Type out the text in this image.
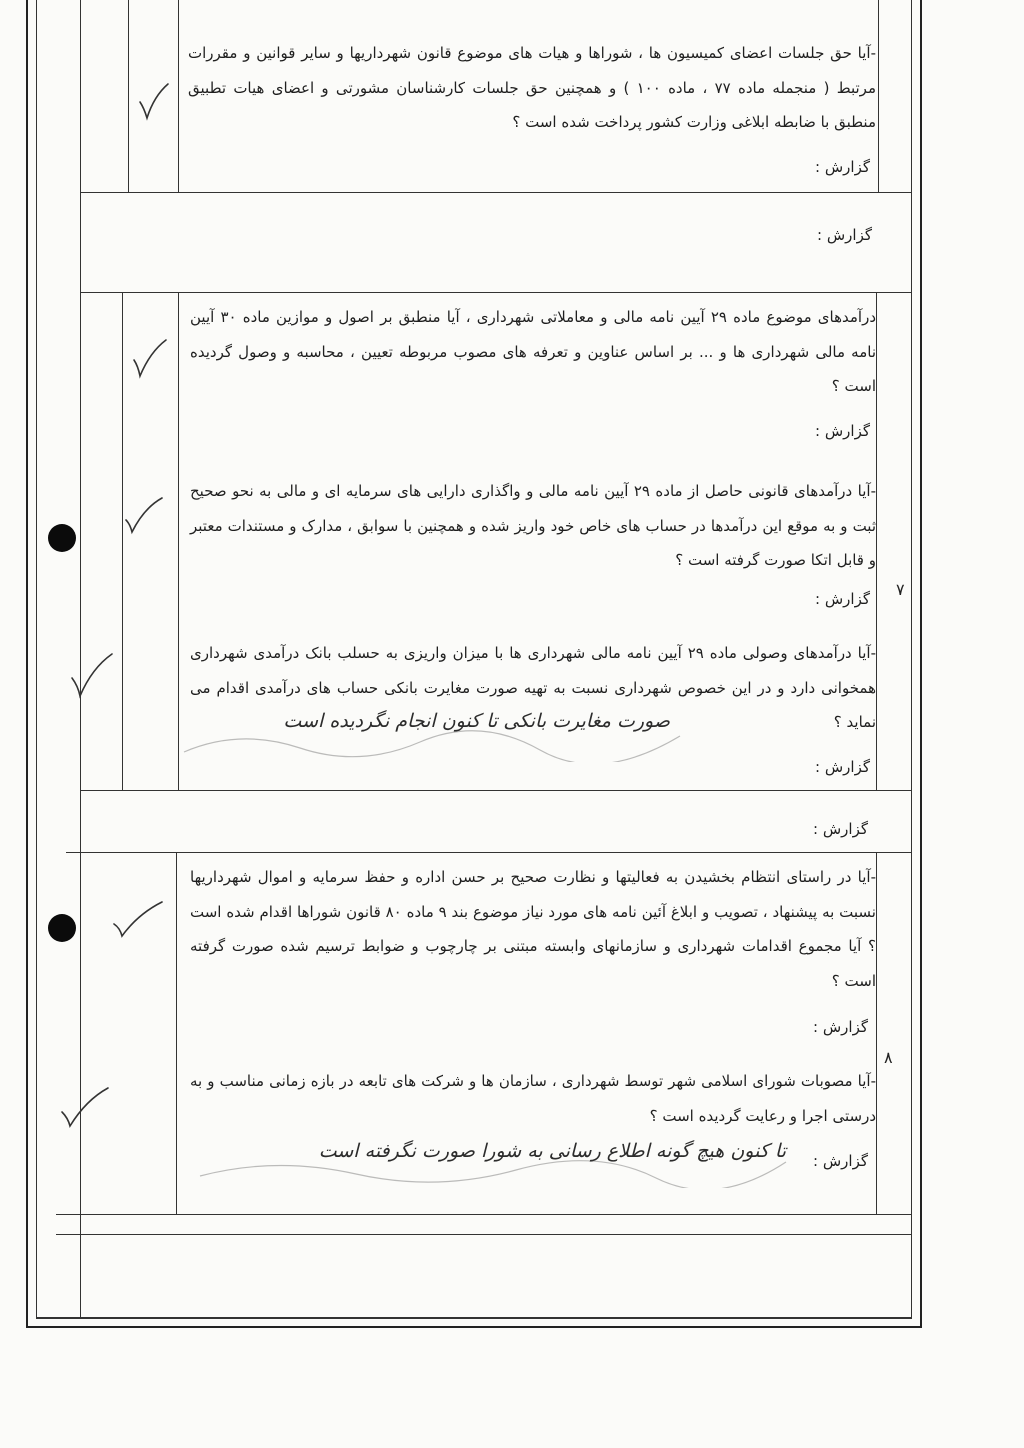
۷
۸
-آیا حق جلسات اعضای کمیسیون ها ، شوراها و هیات های موضوع قانون شهرداریها و سایر قوانین و مقررات مرتبط ( منجمله ماده ۷۷ ، ماده ۱۰۰ ) و همچنین حق جلسات کارشناسان مشورتی و اعضای هیات تطبیق منطبق با ضابطه ابلاغی وزارت کشور پرداخت شده است ؟
گزارش :
گزارش :
درآمدهای موضوع ماده ۲۹ آیین نامه مالی و معاملاتی شهرداری ، آیا منطبق بر اصول و موازین ماده ۳۰ آیین نامه مالی شهرداری ها و ... بر اساس عناوین و تعرفه های مصوب مربوطه تعیین ، محاسبه و وصول گردیده است ؟
گزارش :
-آیا درآمدهای قانونی حاصل از ماده ۲۹ آیین نامه مالی و واگذاری دارایی های سرمایه ای و مالی به نحو صحیح ثبت و به موقع این درآمدها در حساب های خاص خود واریز شده و همچنین با سوابق ، مدارک و مستندات معتبر و قابل اتکا صورت گرفته است ؟
گزارش :
-آیا درآمدهای وصولی ماده ۲۹ آیین نامه مالی شهرداری ها با میزان واریزی به حسلب بانک درآمدی شهرداری همخوانی دارد و در این خصوص شهرداری نسبت به تهیه صورت مغایرت بانکی حساب های درآمدی اقدام می نماید ؟
گزارش :
صورت مغایرت بانکی تا کنون انجام نگردیده است
گزارش :
-آیا در راستای انتظام بخشیدن به فعالیتها و نظارت صحیح بر حسن اداره و حفظ سرمایه و اموال شهرداریها نسبت به پیشنهاد ، تصویب و ابلاغ آئین نامه های مورد نیاز موضوع بند ۹ ماده ۸۰ قانون شوراها اقدام شده است ؟ آیا مجموع اقدامات شهرداری و سازمانهای وابسته مبتنی بر چارچوب و ضوابط ترسیم شده صورت گرفته است ؟
گزارش :
-آیا مصوبات شورای اسلامی شهر توسط شهرداری ، سازمان ها و شرکت های تابعه در بازه زمانی مناسب و به درستی اجرا و رعایت گردیده است ؟
گزارش :
تا کنون هیچ گونه اطلاع رسانی به شورا صورت نگرفته است
